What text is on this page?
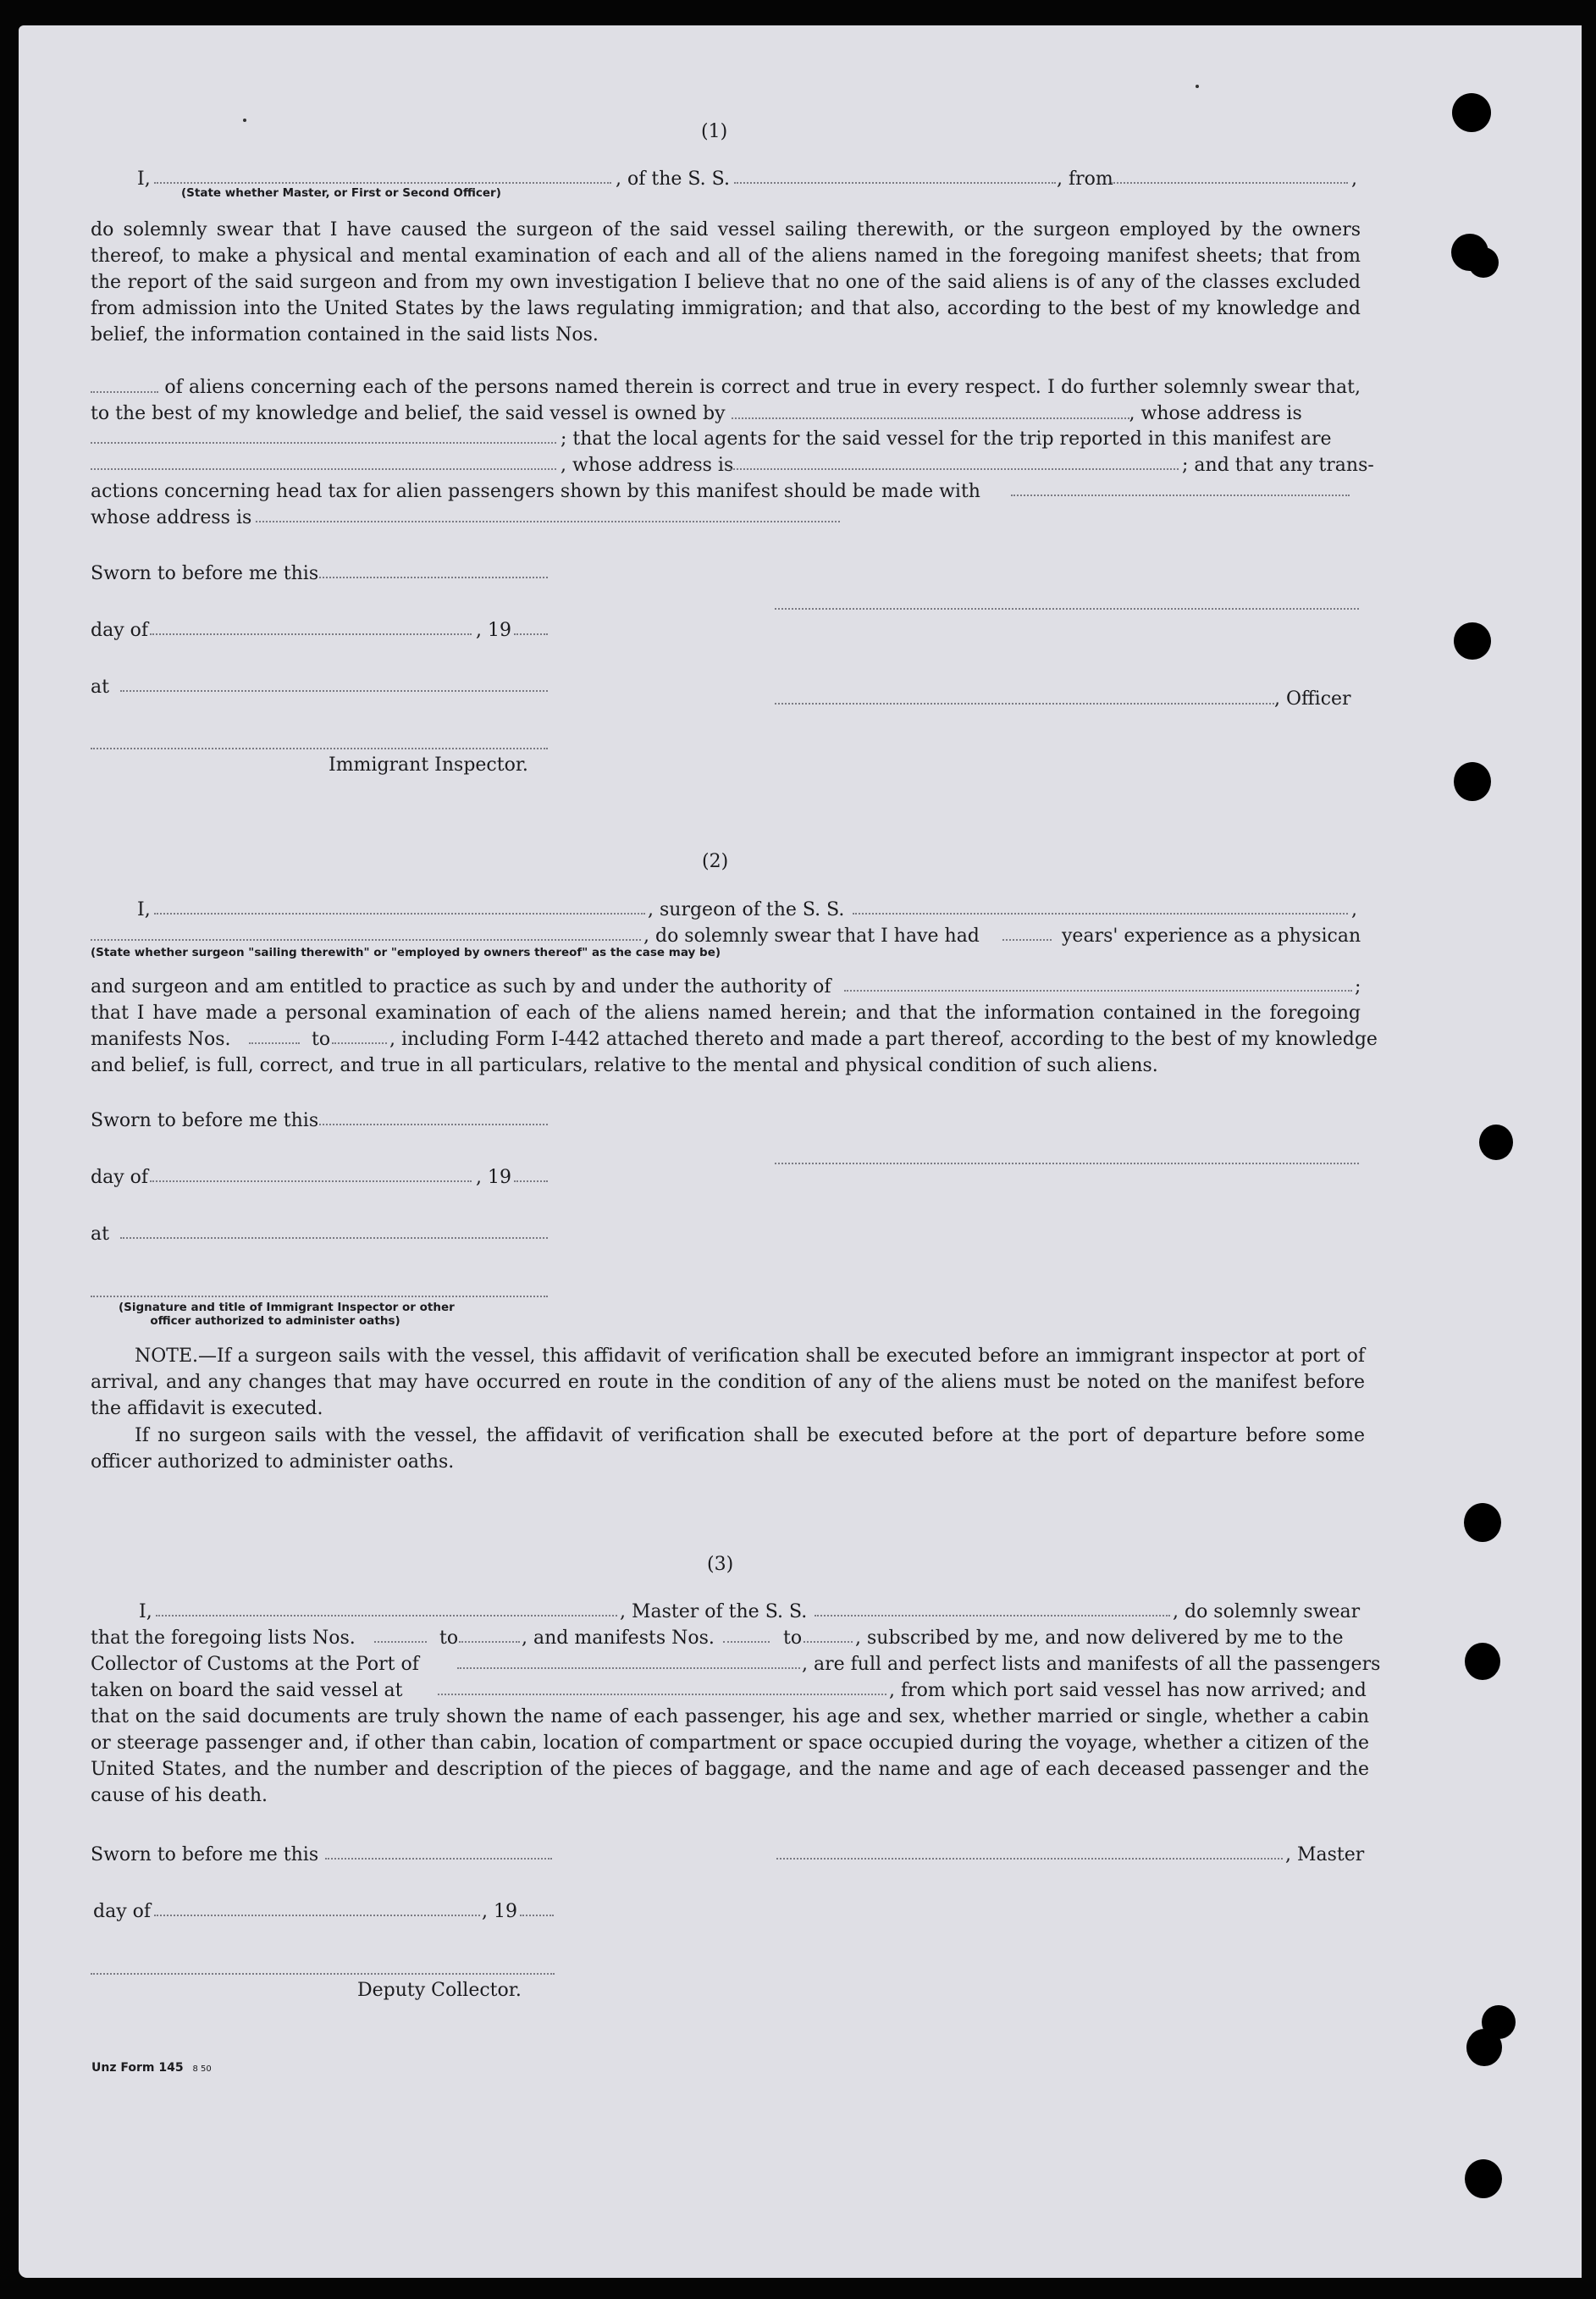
(1)
I,
(State whether Master, or First or Second Officer)
, of the S. S.	, from	,

do solemnly swear that I have caused the surgeon of the said vessel sailing therewith, or the surgeon employed by the owners thereof, to make a physical and mental examination of each and all of the aliens named in the foregoing manifest sheets; that from the report of the said surgeon and from my own investigation I believe that no one of the said aliens is of any of the classes excluded from admission into the United States by the laws regulating immigration; and that also, according to the best of my knowledge and belief, the information contained in the said lists Nos.

of aliens concerning each of the persons named therein is correct and true in every respect. I do further solemnly swear that, to the best of my knowledge and belief, the said vessel is owned by	, whose address is

; that the local agents for the said vessel for the trip reported in this manifest are
, whose address is	; and that any trans-
actions concerning head tax for alien passengers shown by this manifest should be made with
whose address is
Sworn to before me this
day of	, 19
at
, Officer
Immigrant Inspector.
(2)
I,	, surgeon of the S. S.	,
, do solemnly swear that I have had	years' experience as a physican
(State whether surgeon "sailing therewith" or "employed by owners thereof" as the case may be)
and surgeon and am entitled to practice as such by and under the authority of	;

that I have made a personal examination of each of the aliens named herein; and that the information contained in the foregoing

manifests Nos.	to	, including Form I-442 attached thereto and made a part thereof, according to the best of my knowledge
and belief, is full, correct, and true in all particulars, relative to the mental and physical condition of such aliens.
Sworn to before me this
day of	, 19
at
(Signature and title of Immigrant Inspector or other
officer authorized to administer oaths)

NOTE.—If a surgeon sails with the vessel, this affidavit of verification shall be executed before an immigrant inspector at port of arrival, and any changes that may have occurred en route in the condition of any of the aliens must be noted on the manifest before the affidavit is executed.

If no surgeon sails with the vessel, the affidavit of verification shall be executed before at the port of departure before some officer authorized to administer oaths.

(3)
I,	, Master of the S. S.	, do solemnly swear
that the foregoing lists Nos.	to	, and manifests Nos.	to	, subscribed by me, and now delivered by me to the
Collector of Customs at the Port of	, are full and perfect lists and manifests of all the passengers
taken on board the said vessel at	, from which port said vessel has now arrived; and

that on the said documents are truly shown the name of each passenger, his age and sex, whether married or single, whether a cabin or steerage passenger and, if other than cabin, location of compartment or space occupied during the voyage, whether a citizen of the United States, and the number and description of the pieces of baggage, and the name and age of each deceased passenger and the cause of his death.

Sworn to before me this	, Master
day of	, 19
Deputy Collector.
Unz Form 145 8 50
